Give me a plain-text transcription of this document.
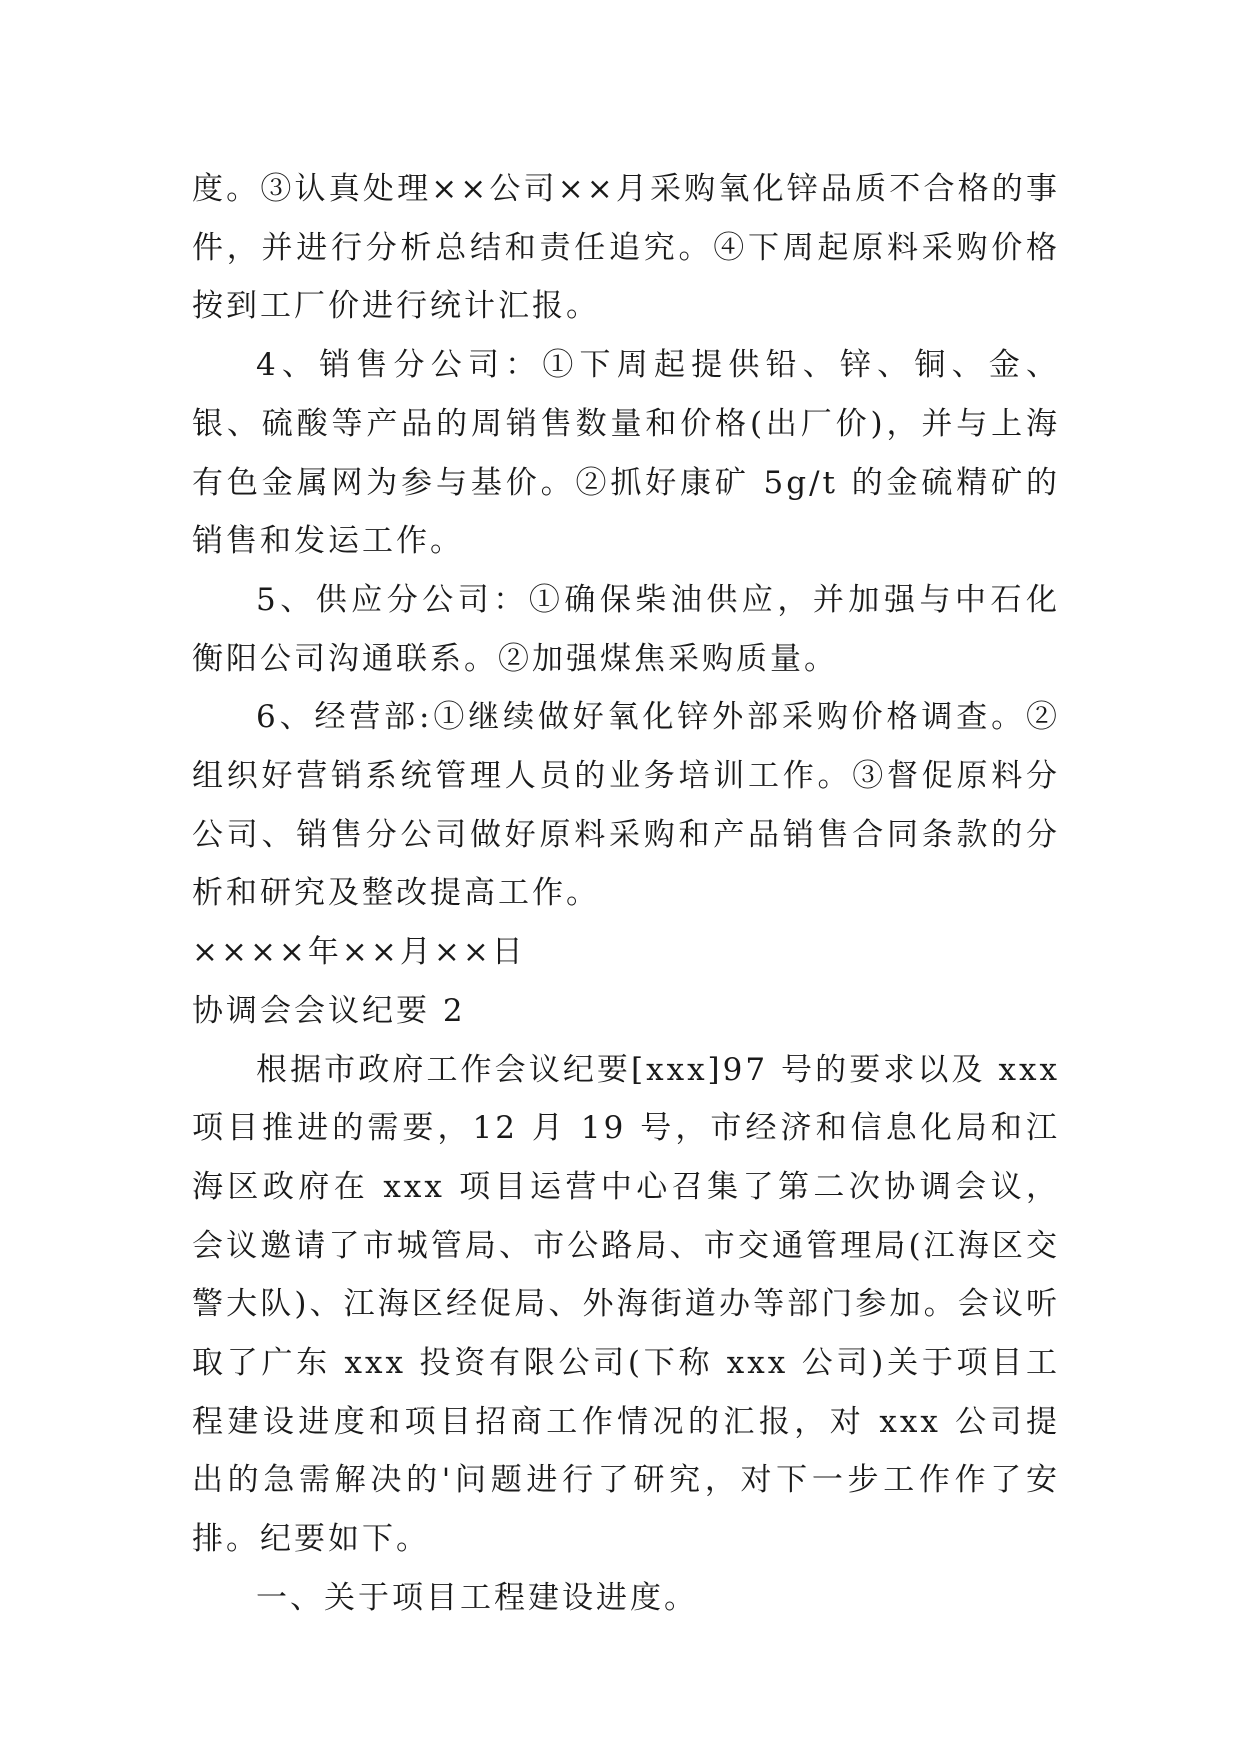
度。③认真处理××公司××月采购氧化锌品质不合格的事件，并进行分析总结和责任追究。④下周起原料采购价格按到工厂价进行统计汇报。

4、销售分公司：①下周起提供铅、锌、铜、金、银、硫酸等产品的周销售数量和价格(出厂价)，并与上海有色金属网为参与基价。②抓好康矿 5g/t 的金硫精矿的销售和发运工作。

5、供应分公司：①确保柴油供应，并加强与中石化衡阳公司沟通联系。②加强煤焦采购质量。

6、经营部:①继续做好氧化锌外部采购价格调查。②组织好营销系统管理人员的业务培训工作。③督促原料分公司、销售分公司做好原料采购和产品销售合同条款的分析和研究及整改提高工作。

××××年××月××日

协调会会议纪要 2

根据市政府工作会议纪要[xxx]97 号的要求以及 xxx 项目推进的需要，12 月 19 号，市经济和信息化局和江海区政府在 xxx 项目运营中心召集了第二次协调会议，会议邀请了市城管局、市公路局、市交通管理局(江海区交警大队)、江海区经促局、外海街道办等部门参加。会议听取了广东 xxx 投资有限公司(下称 xxx 公司)关于项目工程建设进度和项目招商工作情况的汇报，对 xxx 公司提出的急需解决的'问题进行了研究，对下一步工作作了安排。纪要如下。

一、关于项目工程建设进度。
